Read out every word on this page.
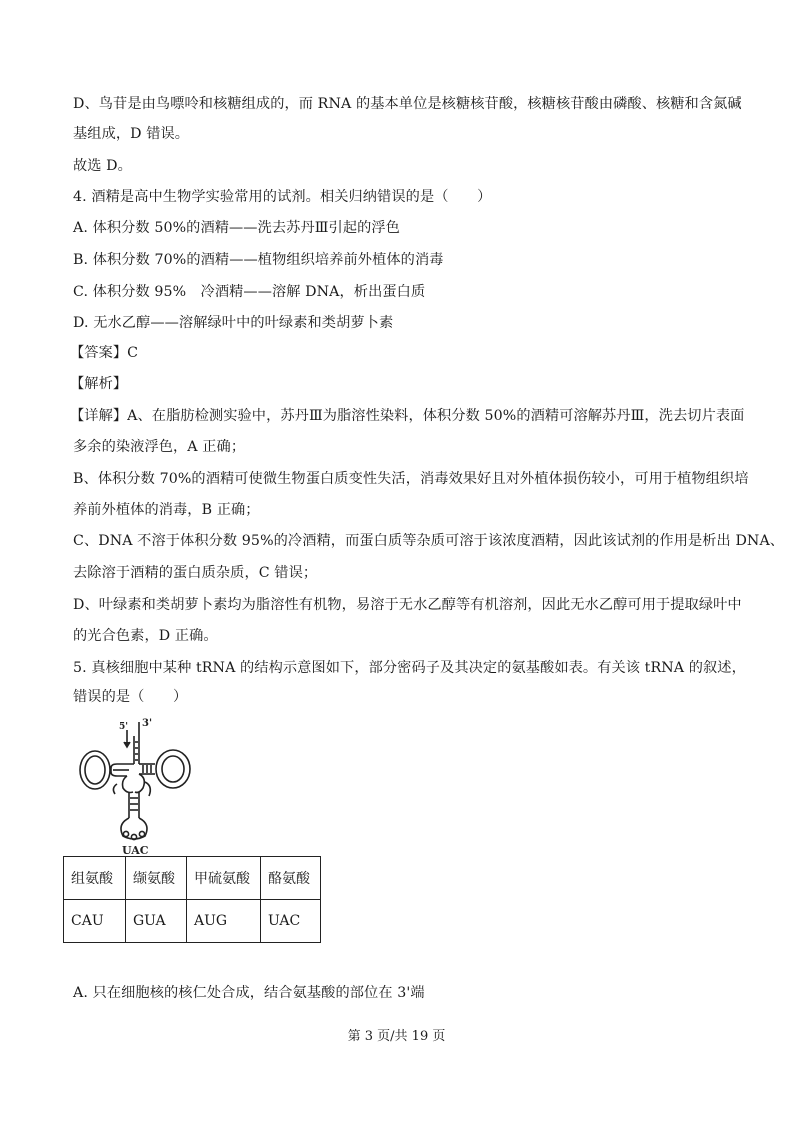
D、鸟苷是由鸟嘌呤和核糖组成的，而 RNA 的基本单位是核糖核苷酸，核糖核苷酸由磷酸、核糖和含氮碱
基组成，D 错误。
故选 D。
4. 酒精是高中生物学实验常用的试剂。相关归纳错误的是（　　）
A. 体积分数 50%的酒精——洗去苏丹Ⅲ引起的浮色
B. 体积分数 70%的酒精——植物组织培养前外植体的消毒
C. 体积分数 95%　冷酒精——溶解 DNA，析出蛋白质
D. 无水乙醇——溶解绿叶中的叶绿素和类胡萝卜素
【答案】C
【解析】
【详解】A、在脂肪检测实验中，苏丹Ⅲ为脂溶性染料，体积分数 50%的酒精可溶解苏丹Ⅲ，洗去切片表面
多余的染液浮色，A 正确；
B、体积分数 70%的酒精可使微生物蛋白质变性失活，消毒效果好且对外植体损伤较小，可用于植物组织培
养前外植体的消毒，B 正确；
C、DNA 不溶于体积分数 95%的冷酒精，而蛋白质等杂质可溶于该浓度酒精，因此该试剂的作用是析出 DNA、
去除溶于酒精的蛋白质杂质，C 错误；
D、叶绿素和类胡萝卜素均为脂溶性有机物，易溶于无水乙醇等有机溶剂，因此无水乙醇可用于提取绿叶中
的光合色素，D 正确。
5. 真核细胞中某种 tRNA 的结构示意图如下，部分密码子及其决定的氨基酸如表。有关该 tRNA 的叙述，
错误的是（　　）
5' 3'
UAC
组氨酸	缬氨酸	甲硫氨酸	酪氨酸
CAU	GUA	AUG	UAC
A. 只在细胞核的核仁处合成，结合氨基酸的部位在 3'端
第 3 页/共 19 页
